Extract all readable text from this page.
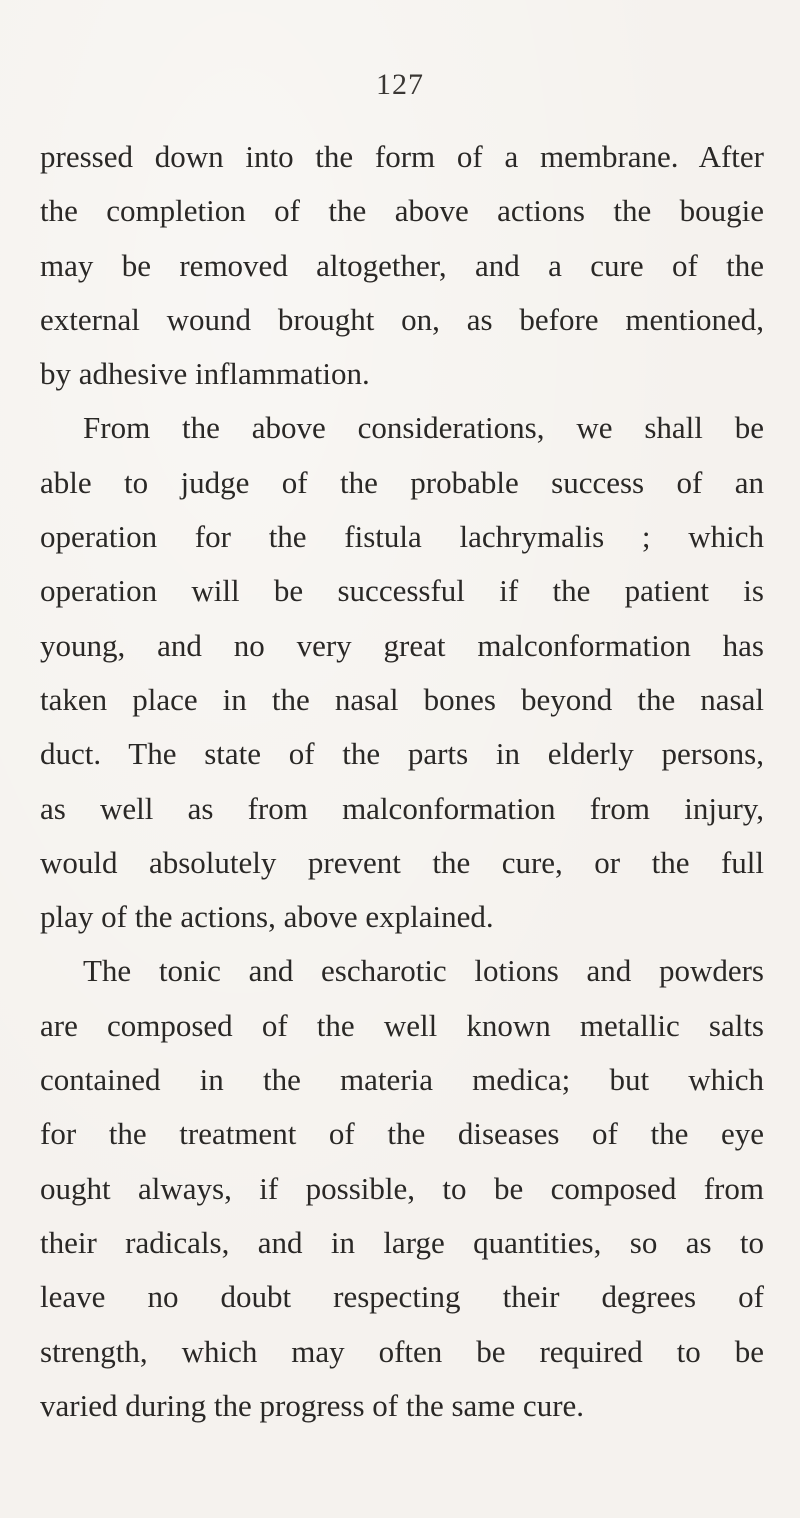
127
pressed down into the form of a membrane. After
the completion of the above actions the bougie
may be removed altogether, and a cure of the
external wound brought on, as before mentioned,
by adhesive inflammation.
From the above considerations, we shall be
able to judge of the probable success of an
operation for the fistula lachrymalis ; which
operation will be successful if the patient is
young, and no very great malconformation has
taken place in the nasal bones beyond the nasal
duct. The state of the parts in elderly persons,
as well as from malconformation from injury,
would absolutely prevent the cure, or the full
play of the actions, above explained.
The tonic and escharotic lotions and powders
are composed of the well known metallic salts
contained in the materia medica; but which
for the treatment of the diseases of the eye
ought always, if possible, to be composed from
their radicals, and in large quantities, so as to
leave no doubt respecting their degrees of
strength, which may often be required to be
varied during the progress of the same cure.
